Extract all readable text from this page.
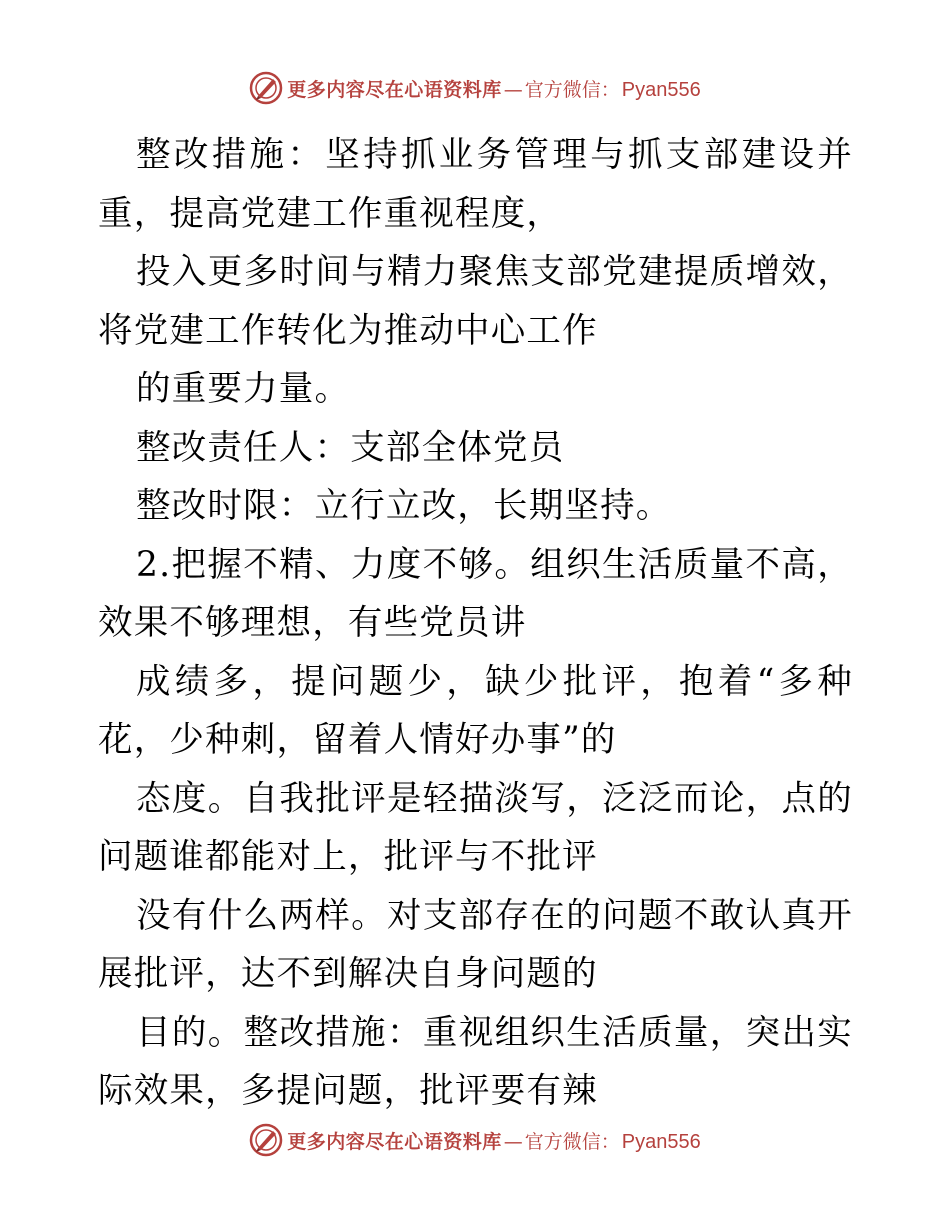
更多内容尽在心语资料库 — 官方微信： Pyan556

整改措施：坚持抓业务管理与抓支部建设并重，提高党建工作重视程度，

投入更多时间与精力聚焦支部党建提质增效，将党建工作转化为推动中心工作

的重要力量。

整改责任人：支部全体党员

整改时限：立行立改，长期坚持。

2.把握不精、力度不够。组织生活质量不高，效果不够理想，有些党员讲

成绩多，提问题少，缺少批评，抱着“多种花，少种刺，留着人情好办事”的

态度。自我批评是轻描淡写，泛泛而论，点的问题谁都能对上，批评与不批评

没有什么两样。对支部存在的问题不敢认真开展批评，达不到解决自身问题的

目的。整改措施：重视组织生活质量，突出实际效果，多提问题，批评要有辣

更多内容尽在心语资料库 — 官方微信： Pyan556
